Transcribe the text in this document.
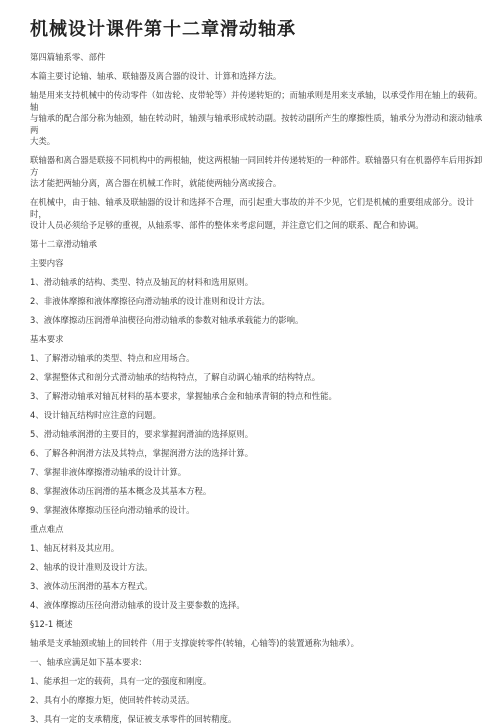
机械设计课件第十二章滑动轴承

第四篇轴系零、部件

本篇主要讨论轴、轴承、联轴器及离合器的设计、计算和选择方法。

轴是用来支持机械中的传动零件（如齿轮、皮带轮等）并传递转矩的；而轴承则是用来支承轴，以承受作用在轴上的载荷。轴

与轴承的配合部分称为轴颈，轴在转动时，轴颈与轴承形成转动副。按转动副所产生的摩擦性质，轴承分为滑动和滚动轴承两

大类。

联轴器和离合器是联接不同机构中的两根轴，使这两根轴一同回转并传递转矩的一种部件。联轴器只有在机器停车后用拆卸方

法才能把两轴分离，离合器在机械工作时，就能使两轴分离或接合。

在机械中，由于轴、轴承及联轴器的设计和选择不合理，而引起重大事故的并不少见，它们是机械的重要组成部分。设计时，

设计人员必须给予足够的重视，从轴系零、部件的整体来考虑问题，并注意它们之间的联系、配合和协调。

第十二章滑动轴承

主要内容

1、滑动轴承的结构、类型、特点及轴瓦的材料和选用原则。

2、非液体摩擦和液体摩擦径向滑动轴承的设计准则和设计方法。

3、液体摩擦动压润滑单油楔径向滑动轴承的参数对轴承承载能力的影响。

基本要求

1、了解滑动轴承的类型、特点和应用场合。

2、掌握整体式和剖分式滑动轴承的结构特点，了解自动调心轴承的结构特点。

3、了解滑动轴承对轴瓦材料的基本要求，掌握轴承合金和轴承青铜的特点和性能。

4、设计轴瓦结构时应注意的问题。

5、滑动轴承润滑的主要目的，要求掌握润滑油的选择原则。

6、了解各种润滑方法及其特点，掌握润滑方法的选择计算。

7、掌握非液体摩擦滑动轴承的设计计算。

8、掌握液体动压润滑的基本概念及其基本方程。

9、掌握液体摩擦动压径向滑动轴承的设计。

重点难点

1、轴瓦材料及其应用。

2、轴承的设计准则及设计方法。

3、液体动压润滑的基本方程式。

4、液体摩擦动压径向滑动轴承的设计及主要参数的选择。

§12-1 概述

轴承是支承轴颈或轴上的回转件（用于支撑旋转零件(转轴，心轴等)的装置通称为轴承）。

一、轴承应满足如下基本要求:

1、能承担一定的载荷，具有一定的强度和刚度。

2、具有小的摩擦力矩，使回转件转动灵活。

3、具有一定的支承精度，保证被支承零件的回转精度。
